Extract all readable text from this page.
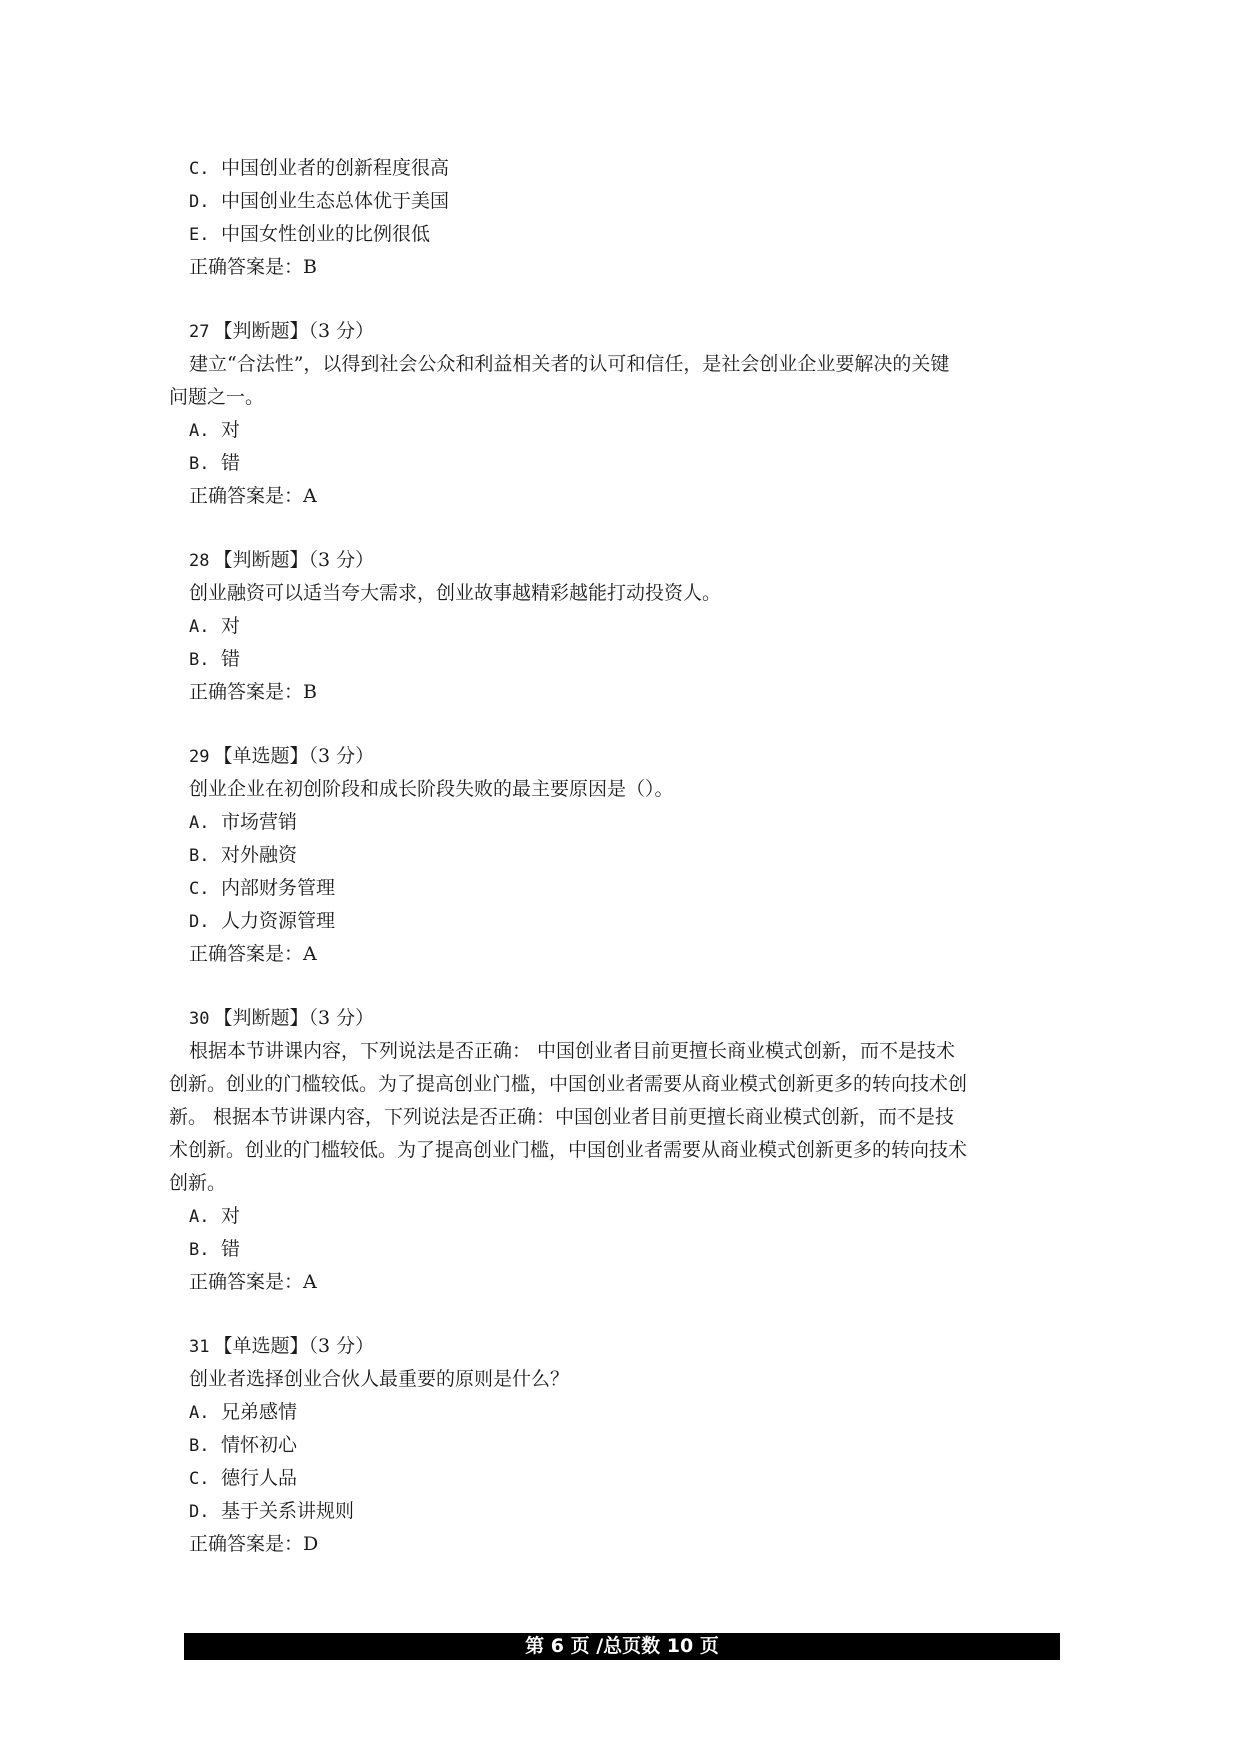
C. 中国创业者的创新程度很高
D. 中国创业生态总体优于美国
E. 中国女性创业的比例很低
正确答案是：B
27 【判断题】（3 分）
建立“合法性”，以得到社会公众和利益相关者的认可和信任，是社会创业企业要解决的关键
问题之一。
A. 对
B. 错
正确答案是：A
28 【判断题】（3 分）
创业融资可以适当夸大需求，创业故事越精彩越能打动投资人。
A. 对
B. 错
正确答案是：B
29 【单选题】（3 分）
创业企业在初创阶段和成长阶段失败的最主要原因是（）。
A. 市场营销
B. 对外融资
C. 内部财务管理
D. 人力资源管理
正确答案是：A
30 【判断题】（3 分）
根据本节讲课内容，下列说法是否正确： 中国创业者目前更擅长商业模式创新，而不是技术
创新。创业的门槛较低。为了提高创业门槛，中国创业者需要从商业模式创新更多的转向技术创
新。 根据本节讲课内容，下列说法是否正确：中国创业者目前更擅长商业模式创新，而不是技
术创新。创业的门槛较低。为了提高创业门槛，中国创业者需要从商业模式创新更多的转向技术
创新。
A. 对
B. 错
正确答案是：A
31 【单选题】（3 分）
创业者选择创业合伙人最重要的原则是什么？
A. 兄弟感情
B. 情怀初心
C. 德行人品
D. 基于关系讲规则
正确答案是：D
第 6 页 /总页数 10 页
